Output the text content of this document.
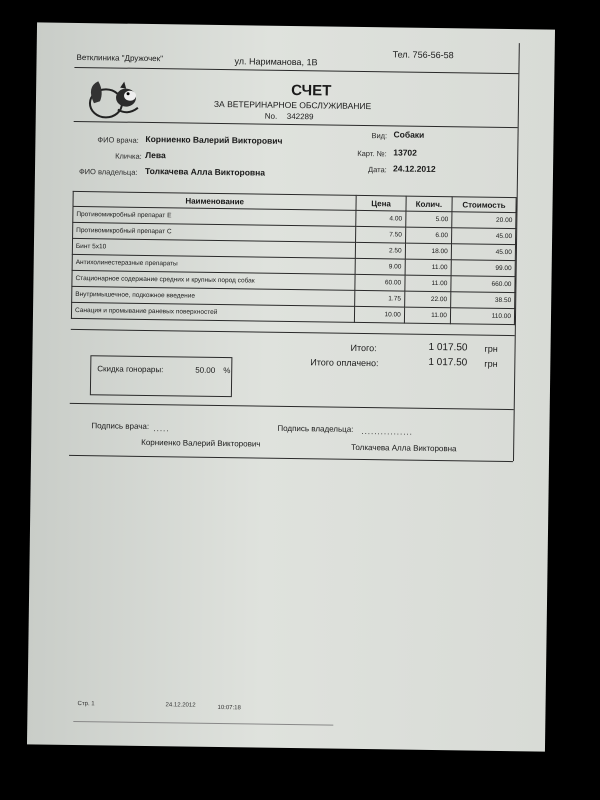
Ветклиника "Дружочек"	ул. Нариманова, 1В
Тел. 756-56-58
СЧЕТ
ЗА ВЕТЕРИНАРНОЕ ОБСЛУЖИВАНИЕ
No. 342289
ФИО врача: Корниенко Валерий Викторович
Кличка: Лева
ФИО владельца: Толкачева Алла Викторовна
Вид: Собаки
Карт. №: 13702
Дата: 24.12.2012
Наименование	Цена	Колич.	Стоимость
Противомикробный препарат Е	4.00	5.00	20.00
Противомикробный препарат С	7.50	6.00	45.00
Бинт 5х10	2.50	18.00	45.00
Антихолинестеразные препараты	9.00	11.00	99.00
Стационарное содержание средних и крупных пород собак	60.00	11.00	660.00
Внутримышечное, подкожное введение	1.75	22.00	38.50
Санация и промывание раневых поверхностей	10.00	11.00	110.00
Итого:	1 017.50 грн
Итого оплачено:	1 017.50 грн
Скидка гонорары:	50.00 %
Подпись врача: .....	Подпись владельца: ................
Корниенко Валерий Викторович	Толкачева Алла Викторовна
Стр. 1	24.12.2012	10:07:18
